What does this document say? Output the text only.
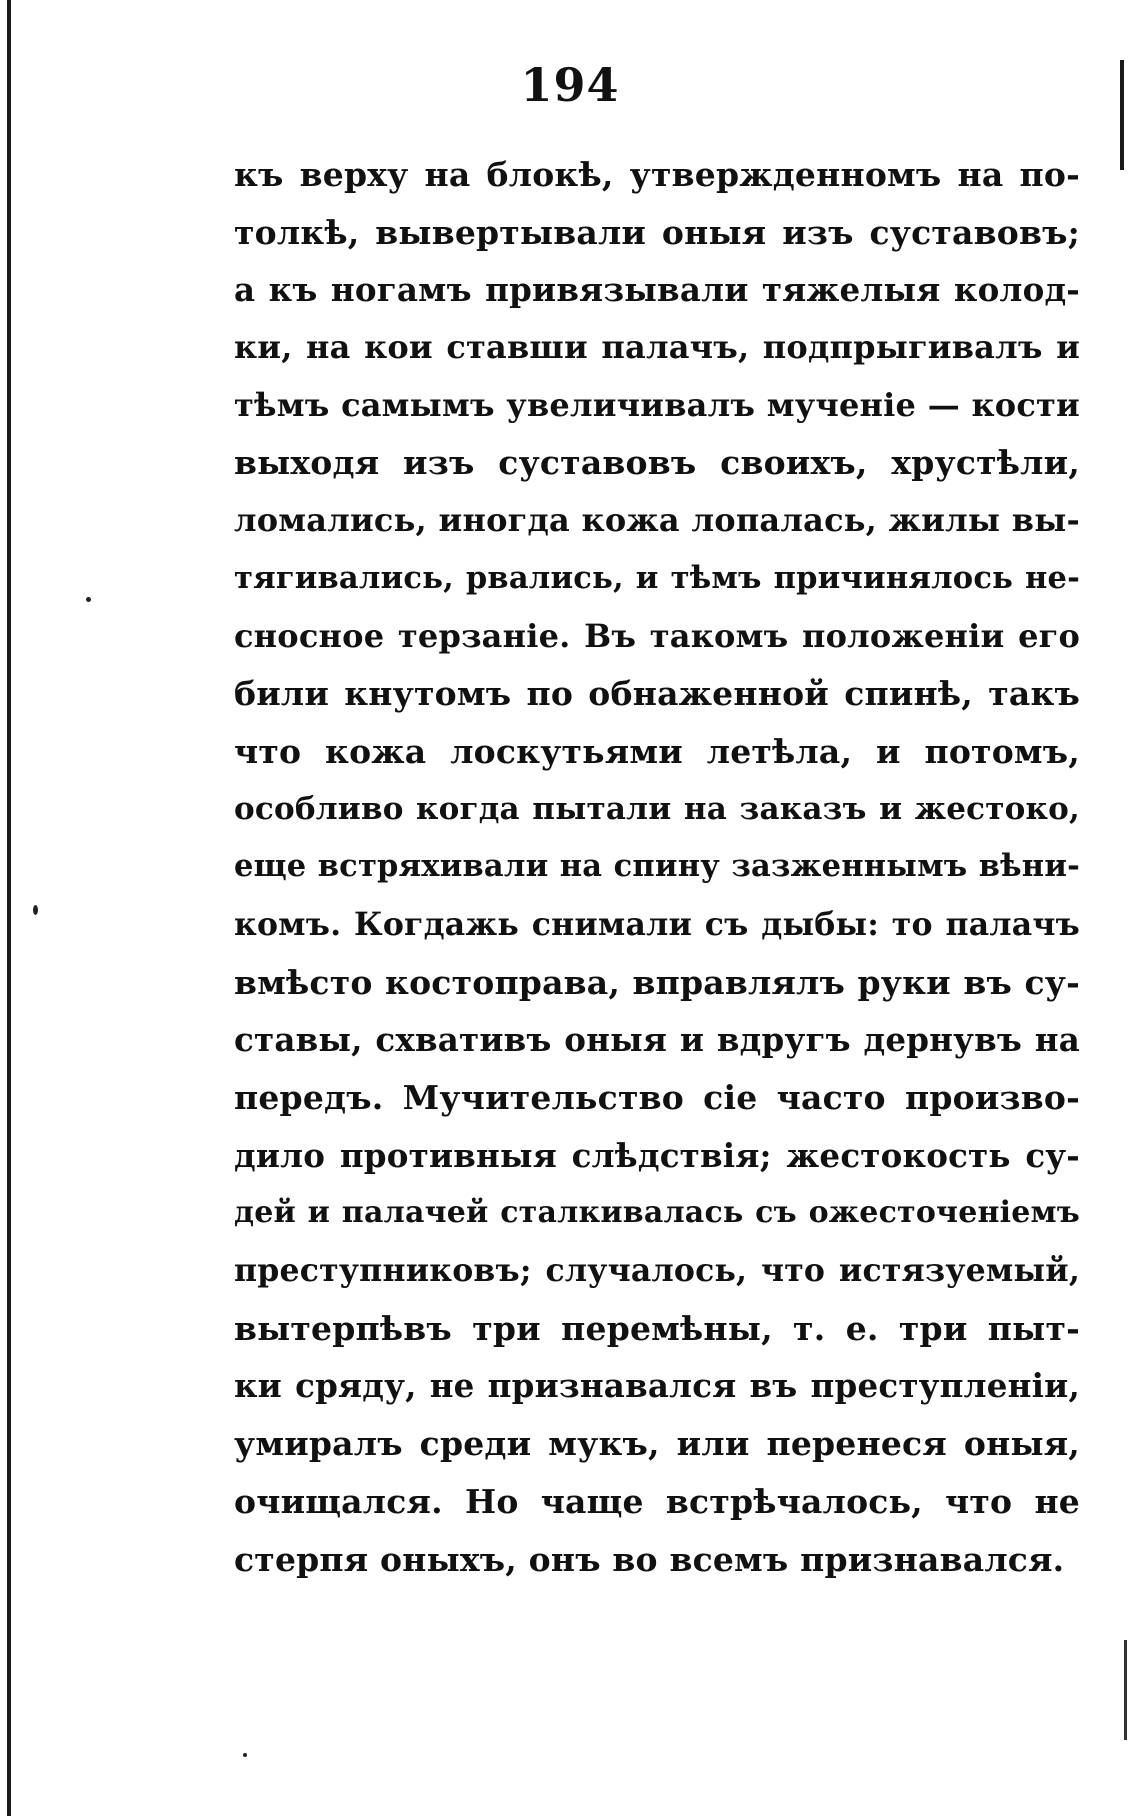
194
къ верху на блокѣ, утвержденномъ на по-
толкѣ, вывертывали оныя изъ суставовъ;
а къ ногамъ привязывали тяжелыя колод-
ки, на кои ставши палачъ, подпрыгивалъ и
тѣмъ самымъ увеличивалъ мученіе — кости
выходя изъ суставовъ своихъ, хрустѣли,
ломались, иногда кожа лопалась, жилы вы-
тягивались, рвались, и тѣмъ причинялось не-
сносное терзаніе. Въ такомъ положеніи его
били кнутомъ по обнаженной спинѣ, такъ
что кожа лоскутьями летѣла, и потомъ,
особливо когда пытали на заказъ и жестоко,
еще встряхивали на спину зазженнымъ вѣни-
комъ. Когдажь снимали съ дыбы: то палачъ
вмѣсто костоправа, вправлялъ руки въ су-
ставы, схвативъ оныя и вдругъ дернувъ на
передъ. Мучительство сіе часто произво-
дило противныя слѣдствія; жестокость су-
дей и палачей сталкивалась съ ожесточеніемъ
преступниковъ; случалось, что истязуемый,
вытерпѣвъ три перемѣны, т. е. три пыт-
ки сряду, не признавался въ преступленіи,
умиралъ среди мукъ, или перенеся оныя,
очищался. Но чаще встрѣчалось, что не
стерпя оныхъ, онъ во всемъ признавался.
